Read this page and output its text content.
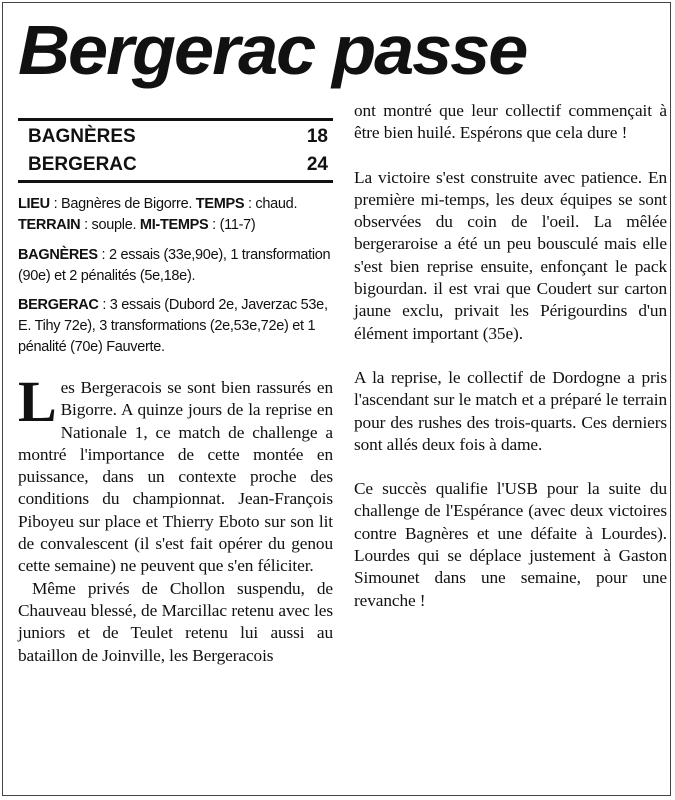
Bergerac passe
BAGNÈRES	18
BERGERAC	24

LIEU : Bagnères de Bigorre. TEMPS : chaud.
TERRAIN : souple. MI-TEMPS : (11-7)

BAGNÈRES : 2 essais (33e,90e), 1 transformation (90e) et 2 pénalités (5e,18e).

BERGERAC : 3 essais (Dubord 2e, Javerzac 53e, E. Tihy 72e), 3 transformations (2e,53e,72e) et 1 pénalité (70e) Fauverte.

Les Bergeracois se sont bien rassurés en Bigorre. A quinze jours de la reprise en Nationale 1, ce match de challenge a montré l'importance de cette montée en puissance, dans un contexte proche des conditions du championnat. Jean-François Piboyeu sur place et Thierry Eboto sur son lit de convalescent (il s'est fait opérer du genou cette semaine) ne peuvent que s'en féliciter.

Même privés de Chollon suspendu, de Chauveau blessé, de Marcillac retenu avec les juniors et de Teulet retenu lui aussi au bataillon de Joinville, les Bergeracois

ont montré que leur collectif commençait à être bien huilé. Espérons que cela dure !

La victoire s'est construite avec patience. En première mi-temps, les deux équipes se sont observées du coin de l'oeil. La mêlée bergeraroise a été un peu bousculé mais elle s'est bien reprise ensuite, enfonçant le pack bigourdan. il est vrai que Coudert sur carton jaune exclu, privait les Périgourdins d'un élément important (35e).

A la reprise, le collectif de Dordogne a pris l'ascendant sur le match et a préparé le terrain pour des rushes des trois-quarts. Ces derniers sont allés deux fois à dame.

Ce succès qualifie l'USB pour la suite du challenge de l'Espérance (avec deux victoires contre Bagnères et une défaite à Lourdes). Lourdes qui se déplace justement à Gaston Simounet dans une semaine, pour une revanche !
